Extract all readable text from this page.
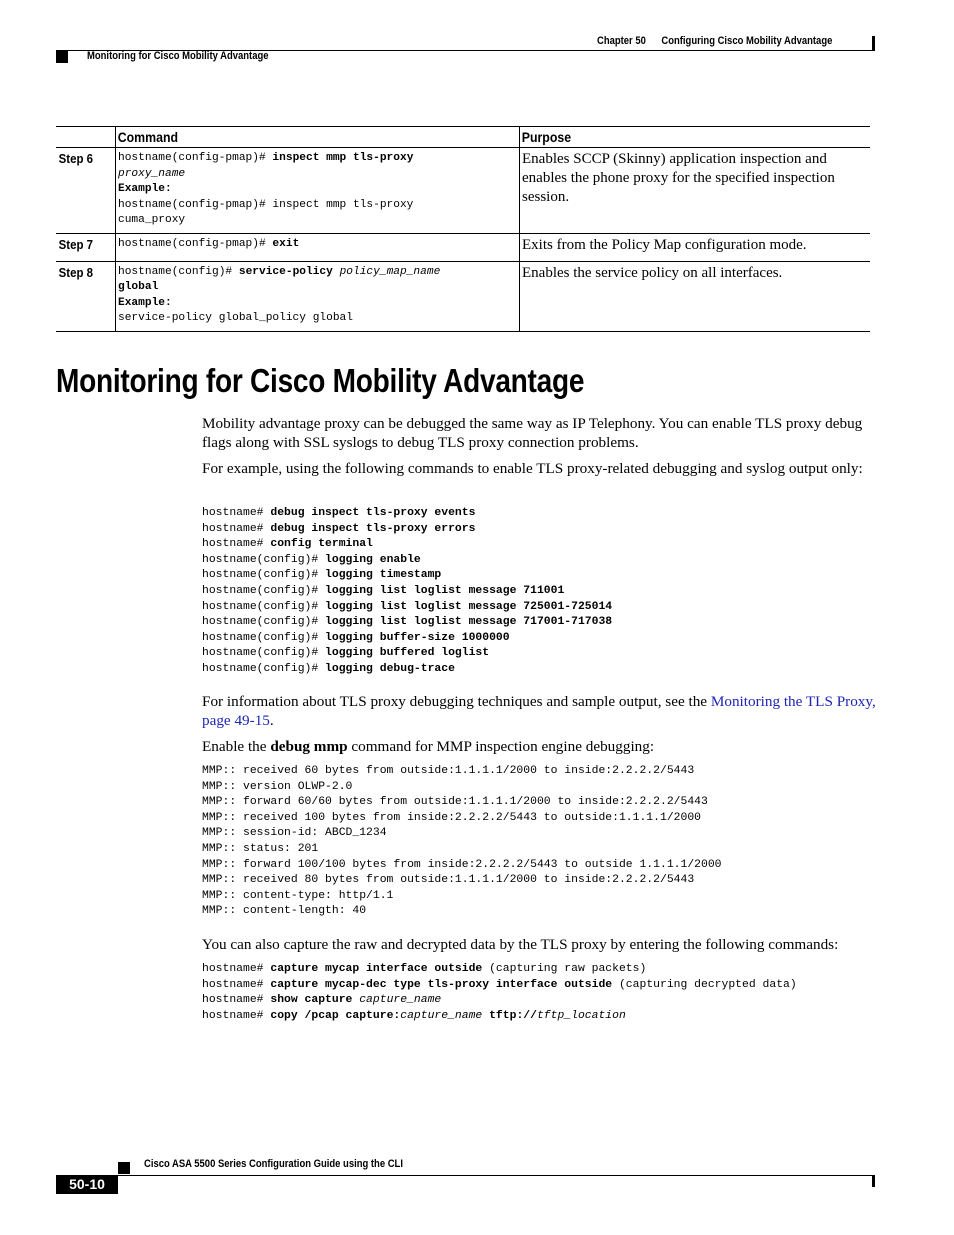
Chapter 50 Configuring Cisco Mobility Advantage
Monitoring for Cisco Mobility Advantage
	Command	Purpose
Step 6	hostname(config-pmap)# inspect mmp tls-proxy
proxy_name
Example:
hostname(config-pmap)# inspect mmp tls-proxy
cuma_proxy	Enables SCCP (Skinny) application inspection and enables the phone proxy for the specified inspection session.

Step 7	hostname(config-pmap)# exit	Exits from the Policy Map configuration mode.

Step 8	hostname(config)# service-policy policy_map_name
global
Example:
service-policy global_policy global	Enables the service policy on all interfaces.
Monitoring for Cisco Mobility Advantage
Mobility advantage proxy can be debugged the same way as IP Telephony. You can enable TLS proxy debug flags along with SSL syslogs to debug TLS proxy connection problems.
For example, using the following commands to enable TLS proxy-related debugging and syslog output only:
hostname# debug inspect tls-proxy events
hostname# debug inspect tls-proxy errors
hostname# config terminal
hostname(config)# logging enable
hostname(config)# logging timestamp
hostname(config)# logging list loglist message 711001
hostname(config)# logging list loglist message 725001-725014
hostname(config)# logging list loglist message 717001-717038
hostname(config)# logging buffer-size 1000000
hostname(config)# logging buffered loglist
hostname(config)# logging debug-trace
For information about TLS proxy debugging techniques and sample output, see the Monitoring the TLS Proxy, page 49-15.
Enable the debug mmp command for MMP inspection engine debugging:
MMP:: received 60 bytes from outside:1.1.1.1/2000 to inside:2.2.2.2/5443
MMP:: version OLWP-2.0
MMP:: forward 60/60 bytes from outside:1.1.1.1/2000 to inside:2.2.2.2/5443
MMP:: received 100 bytes from inside:2.2.2.2/5443 to outside:1.1.1.1/2000
MMP:: session-id: ABCD_1234
MMP:: status: 201
MMP:: forward 100/100 bytes from inside:2.2.2.2/5443 to outside 1.1.1.1/2000
MMP:: received 80 bytes from outside:1.1.1.1/2000 to inside:2.2.2.2/5443
MMP:: content-type: http/1.1
MMP:: content-length: 40
You can also capture the raw and decrypted data by the TLS proxy by entering the following commands:
hostname# capture mycap interface outside (capturing raw packets)
hostname# capture mycap-dec type tls-proxy interface outside (capturing decrypted data)
hostname# show capture capture_name
hostname# copy /pcap capture:capture_name tftp://tftp_location
Cisco ASA 5500 Series Configuration Guide using the CLI
50-10
